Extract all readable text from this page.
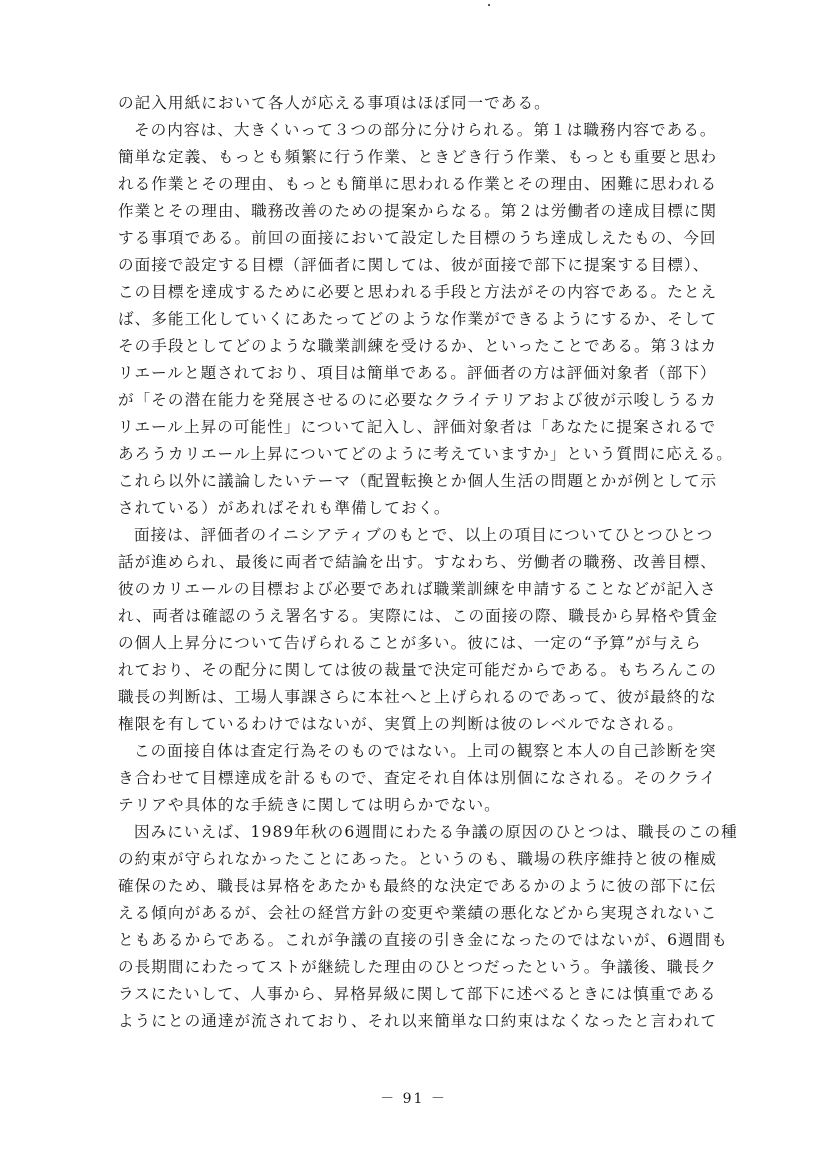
の記入用紙において各人が応える事項はほぼ同一である。
その内容は、大きくいって３つの部分に分けられる。第１は職務内容である。
簡単な定義、もっとも頻繁に行う作業、ときどき行う作業、もっとも重要と思わ
れる作業とその理由、もっとも簡単に思われる作業とその理由、困難に思われる
作業とその理由、職務改善のための提案からなる。第２は労働者の達成目標に関
する事項である。前回の面接において設定した目標のうち達成しえたもの、今回
の面接で設定する目標（評価者に関しては、彼が面接で部下に提案する目標）、
この目標を達成するために必要と思われる手段と方法がその内容である。たとえ
ば、多能工化していくにあたってどのような作業ができるようにするか、そして
その手段としてどのような職業訓練を受けるか、といったことである。第３はカ
リエールと題されており、項目は簡単である。評価者の方は評価対象者（部下）
が「その潜在能力を発展させるのに必要なクライテリアおよび彼が示唆しうるカ
リエール上昇の可能性」について記入し、評価対象者は「あなたに提案されるで
あろうカリエール上昇についてどのように考えていますか」という質問に応える。
これら以外に議論したいテーマ（配置転換とか個人生活の問題とかが例として示
されている）があればそれも準備しておく。
面接は、評価者のイニシアティブのもとで、以上の項目についてひとつひとつ
話が進められ、最後に両者で結論を出す。すなわち、労働者の職務、改善目標、
彼のカリエールの目標および必要であれば職業訓練を申請することなどが記入さ
れ、両者は確認のうえ署名する。実際には、この面接の際、職長から昇格や賃金
の個人上昇分について告げられることが多い。彼には、一定の“予算”が与えら
れており、その配分に関しては彼の裁量で決定可能だからである。もちろんこの
職長の判断は、工場人事課さらに本社へと上げられるのであって、彼が最終的な
権限を有しているわけではないが、実質上の判断は彼のレベルでなされる。
この面接自体は査定行為そのものではない。上司の観察と本人の自己診断を突
き合わせて目標達成を計るもので、査定それ自体は別個になされる。そのクライ
テリアや具体的な手続きに関しては明らかでない。
因みにいえば、1989年秋の6週間にわたる争議の原因のひとつは、職長のこの種
の約束が守られなかったことにあった。というのも、職場の秩序維持と彼の権威
確保のため、職長は昇格をあたかも最終的な決定であるかのように彼の部下に伝
える傾向があるが、会社の経営方針の変更や業績の悪化などから実現されないこ
ともあるからである。これが争議の直接の引き金になったのではないが、6週間も
の長期間にわたってストが継続した理由のひとつだったという。争議後、職長ク
ラスにたいして、人事から、昇格昇級に関して部下に述べるときには慎重である
ようにとの通達が流されており、それ以来簡単な口約束はなくなったと言われて
－ 91 －
